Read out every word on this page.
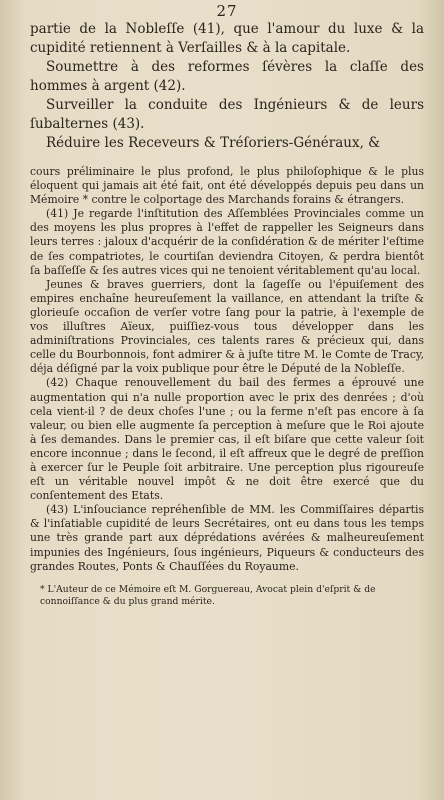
27

partie de la Nobleſſe (41), que l'amour du luxe & la cupidité retiennent à Verſailles & à la capitale.

Soumettre à des reformes ſévères la claſſe des hommes à argent (42).

Surveiller la conduite des Ingénieurs & de leurs ſubalternes (43).

Réduire les Receveurs & Tréſoriers-Généraux, &

cours préliminaire le plus profond, le plus philoſophique & le plus éloquent qui jamais ait été fait, ont été développés depuis peu dans un Mémoire * contre le colportage des Marchands forains & étrangers.

(41) Je regarde l'inſtitution des Aſſemblées Provinciales comme un des moyens les plus propres à l'effet de rappeller les Seigneurs dans leurs terres : jaloux d'acquérir de la conſidération & de mériter l'eſtime de ſes compatriotes, le courtiſan deviendra Citoyen, & perdra bientôt ſa baſſeſſe & ſes autres vices qui ne tenoient véritablement qu'au local.

Jeunes & braves guerriers, dont la ſageſſe ou l'épuiſement des empires enchaîne heureuſement la vaillance, en attendant la triſte & glorieuſe occaſion de verſer votre ſang pour la patrie, à l'exemple de vos illuſtres Aïeux, puiſſiez-vous tous développer dans les adminiſtrations Provinciales, ces talents rares & précieux qui, dans celle du Bourbonnois, font admirer & à juſte titre M. le Comte de Tracy, déja déſigné par la voix publique pour être le Député de la Nobleſſe.

(42) Chaque renouvellement du bail des fermes a éprouvé une augmentation qui n'a nulle proportion avec le prix des denrées ; d'où cela vient-il ? de deux choſes l'une ; ou la ferme n'eſt pas encore à ſa valeur, ou bien elle augmente ſa perception à meſure que le Roi ajoute à ſes demandes. Dans le premier cas, il eſt biſare que cette valeur ſoit encore inconnue ; dans le ſecond, il eſt affreux que le degré de preſſion à exercer ſur le Peuple ſoit arbitraire. Une perception plus rigoureuſe eſt un véritable nouvel impôt & ne doit être exercé que du conſentement des Etats.

(43) L'inſouciance repréhenſible de MM. les Commiſſaires départis & l'inſatiable cupidité de leurs Secrétaires, ont eu dans tous les temps une très grande part aux déprédations avérées & malheureuſement impunies des Ingénieurs, ſous ingénieurs, Piqueurs & conducteurs des grandes Routes, Ponts & Chauſſées du Royaume.

* L'Auteur de ce Mémoire eſt M. Gorguereau, Avocat plein d'eſprit & de connoiſſance & du plus grand mérite.
